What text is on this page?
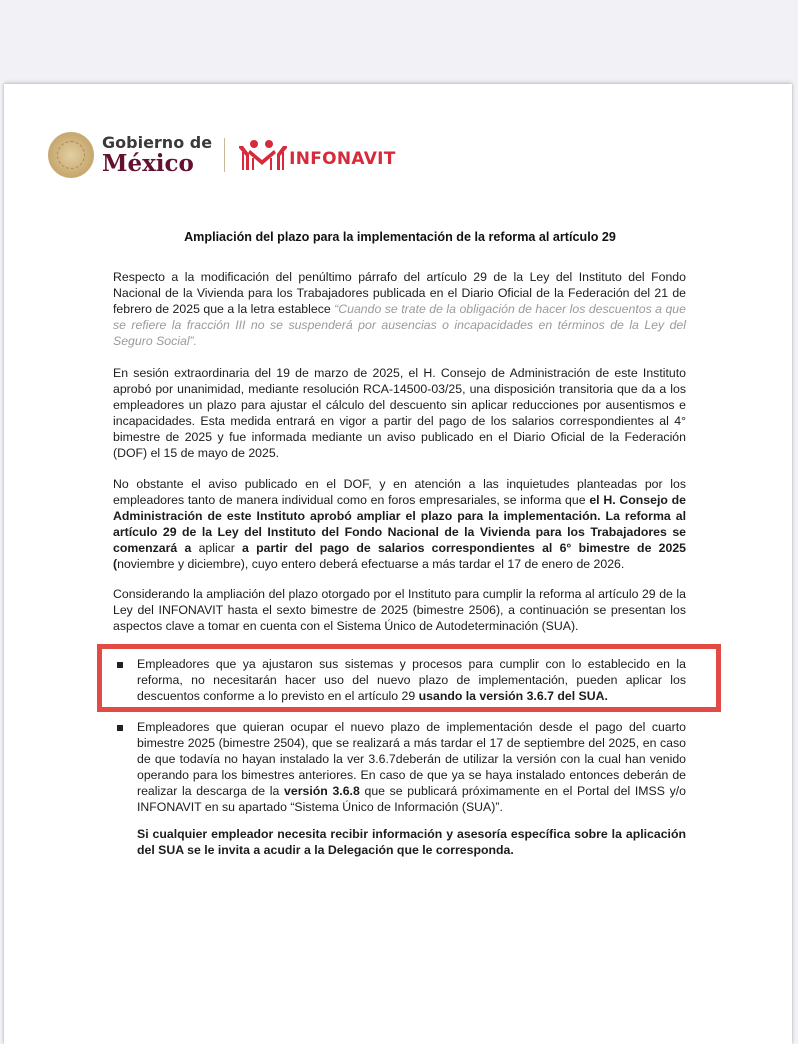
Gobierno de
México	INFONAVIT
Ampliación del plazo para la implementación de la reforma al artículo 29
Respecto a la modificación del penúltimo párrafo del artículo 29 de la Ley del Instituto del Fondo Nacional de la Vivienda para los Trabajadores publicada en el Diario Oficial de la Federación del 21 de febrero de 2025 que a la letra establece “Cuando se trate de la obligación de hacer los descuentos a que se refiere la fracción III no se suspenderá por ausencias o incapacidades en términos de la Ley del Seguro Social”.
En sesión extraordinaria del 19 de marzo de 2025, el H. Consejo de Administración de este Instituto aprobó por unanimidad, mediante resolución RCA-14500-03/25, una disposición transitoria que da a los empleadores un plazo para ajustar el cálculo del descuento sin aplicar reducciones por ausentismos e incapacidades. Esta medida entrará en vigor a partir del pago de los salarios correspondientes al 4° bimestre de 2025 y fue informada mediante un aviso publicado en el Diario Oficial de la Federación (DOF) el 15 de mayo de 2025.
No obstante el aviso publicado en el DOF, y en atención a las inquietudes planteadas por los empleadores tanto de manera individual como en foros empresariales, se informa que el H. Consejo de Administración de este Instituto aprobó ampliar el plazo para la implementación. La reforma al artículo 29 de la Ley del Instituto del Fondo Nacional de la Vivienda para los Trabajadores se comenzará a aplicar a partir del pago de salarios correspondientes al 6° bimestre de 2025 (noviembre y diciembre), cuyo entero deberá efectuarse a más tardar el 17 de enero de 2026.
Considerando la ampliación del plazo otorgado por el Instituto para cumplir la reforma al artículo 29 de la Ley del INFONAVIT hasta el sexto bimestre de 2025 (bimestre 2506), a continuación se presentan los aspectos clave a tomar en cuenta con el Sistema Único de Autodeterminación (SUA).
Empleadores que ya ajustaron sus sistemas y procesos para cumplir con lo establecido en la reforma, no necesitarán hacer uso del nuevo plazo de implementación, pueden aplicar los descuentos conforme a lo previsto en el artículo 29 usando la versión 3.6.7 del SUA.
Empleadores que quieran ocupar el nuevo plazo de implementación desde el pago del cuarto bimestre 2025 (bimestre 2504), que se realizará a más tardar el 17 de septiembre del 2025, en caso de que todavía no hayan instalado la ver 3.6.7deberán de utilizar la versión con la cual han venido operando para los bimestres anteriores. En caso de que ya se haya instalado entonces deberán de realizar la descarga de la versión 3.6.8 que se publicará próximamente en el Portal del IMSS y/o INFONAVIT en su apartado “Sistema Único de Información (SUA)”.
Si cualquier empleador necesita recibir información y asesoría específica sobre la aplicación del SUA se le invita a acudir a la Delegación que le corresponda.
